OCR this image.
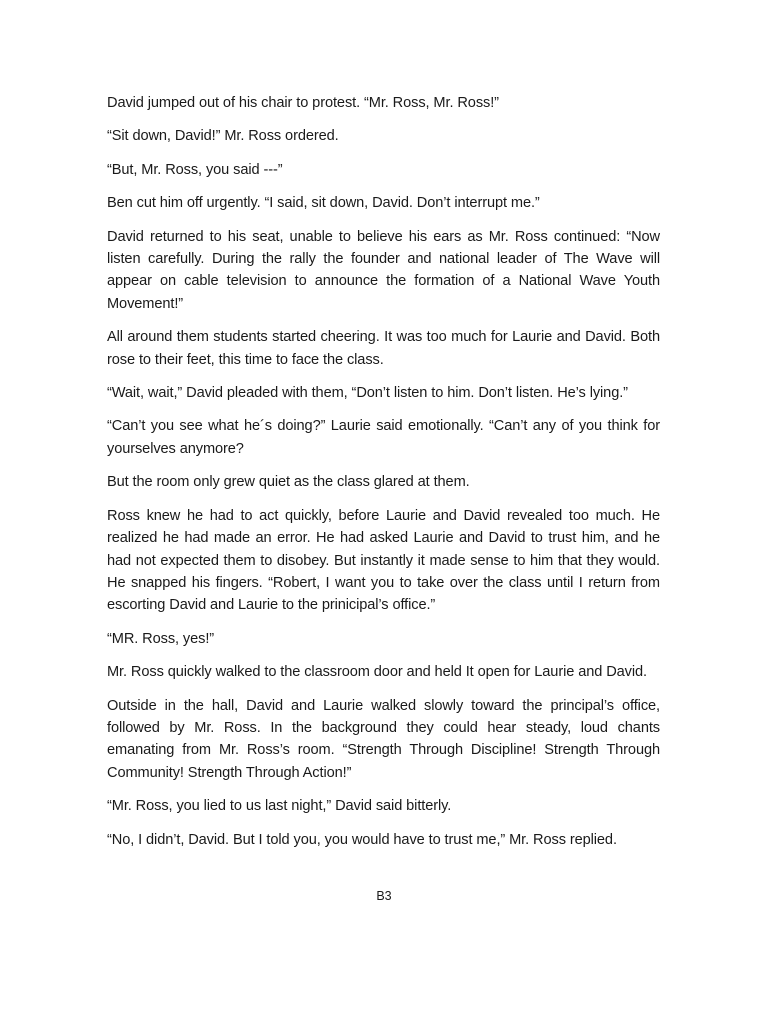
David jumped out of his chair to protest. “Mr. Ross, Mr. Ross!”

“Sit down, David!” Mr. Ross ordered.

“But, Mr. Ross, you said ---”

Ben cut him off urgently. “I said, sit down, David. Don’t interrupt me.”

David returned to his seat, unable to believe his ears as Mr. Ross continued: “Now listen carefully. During the rally the founder and national leader of The Wave will appear on cable television to announce the formation of a National Wave Youth Movement!”

All around them students started cheering. It was too much for Laurie and David. Both rose to their feet, this time to face the class.

“Wait, wait,” David pleaded with them, “Don’t listen to him. Don’t listen. He’s lying.”

“Can’t you see what he´s doing?” Laurie said emotionally. “Can’t any of you think for yourselves anymore?

But the room only grew quiet as the class glared at them.

Ross knew he had to act quickly, before Laurie and David revealed too much. He realized he had made an error. He had asked Laurie and David to trust him, and he had not expected them to disobey. But instantly it made sense to him that they would. He snapped his fingers. “Robert, I want you to take over the class until I return from escorting David and Laurie to the prinicipal’s office.”

“MR. Ross, yes!”

Mr. Ross quickly walked to the classroom door and held It open for Laurie and David.

Outside in the hall, David and Laurie walked slowly toward the principal’s office, followed by Mr. Ross. In the background they could hear steady, loud chants emanating from Mr. Ross’s room. “Strength Through Discipline! Strength Through Community! Strength Through Action!”

“Mr. Ross, you lied to us last night,” David said bitterly.

“No, I didn’t, David. But I told you, you would have to trust me,” Mr. Ross replied.

B3
